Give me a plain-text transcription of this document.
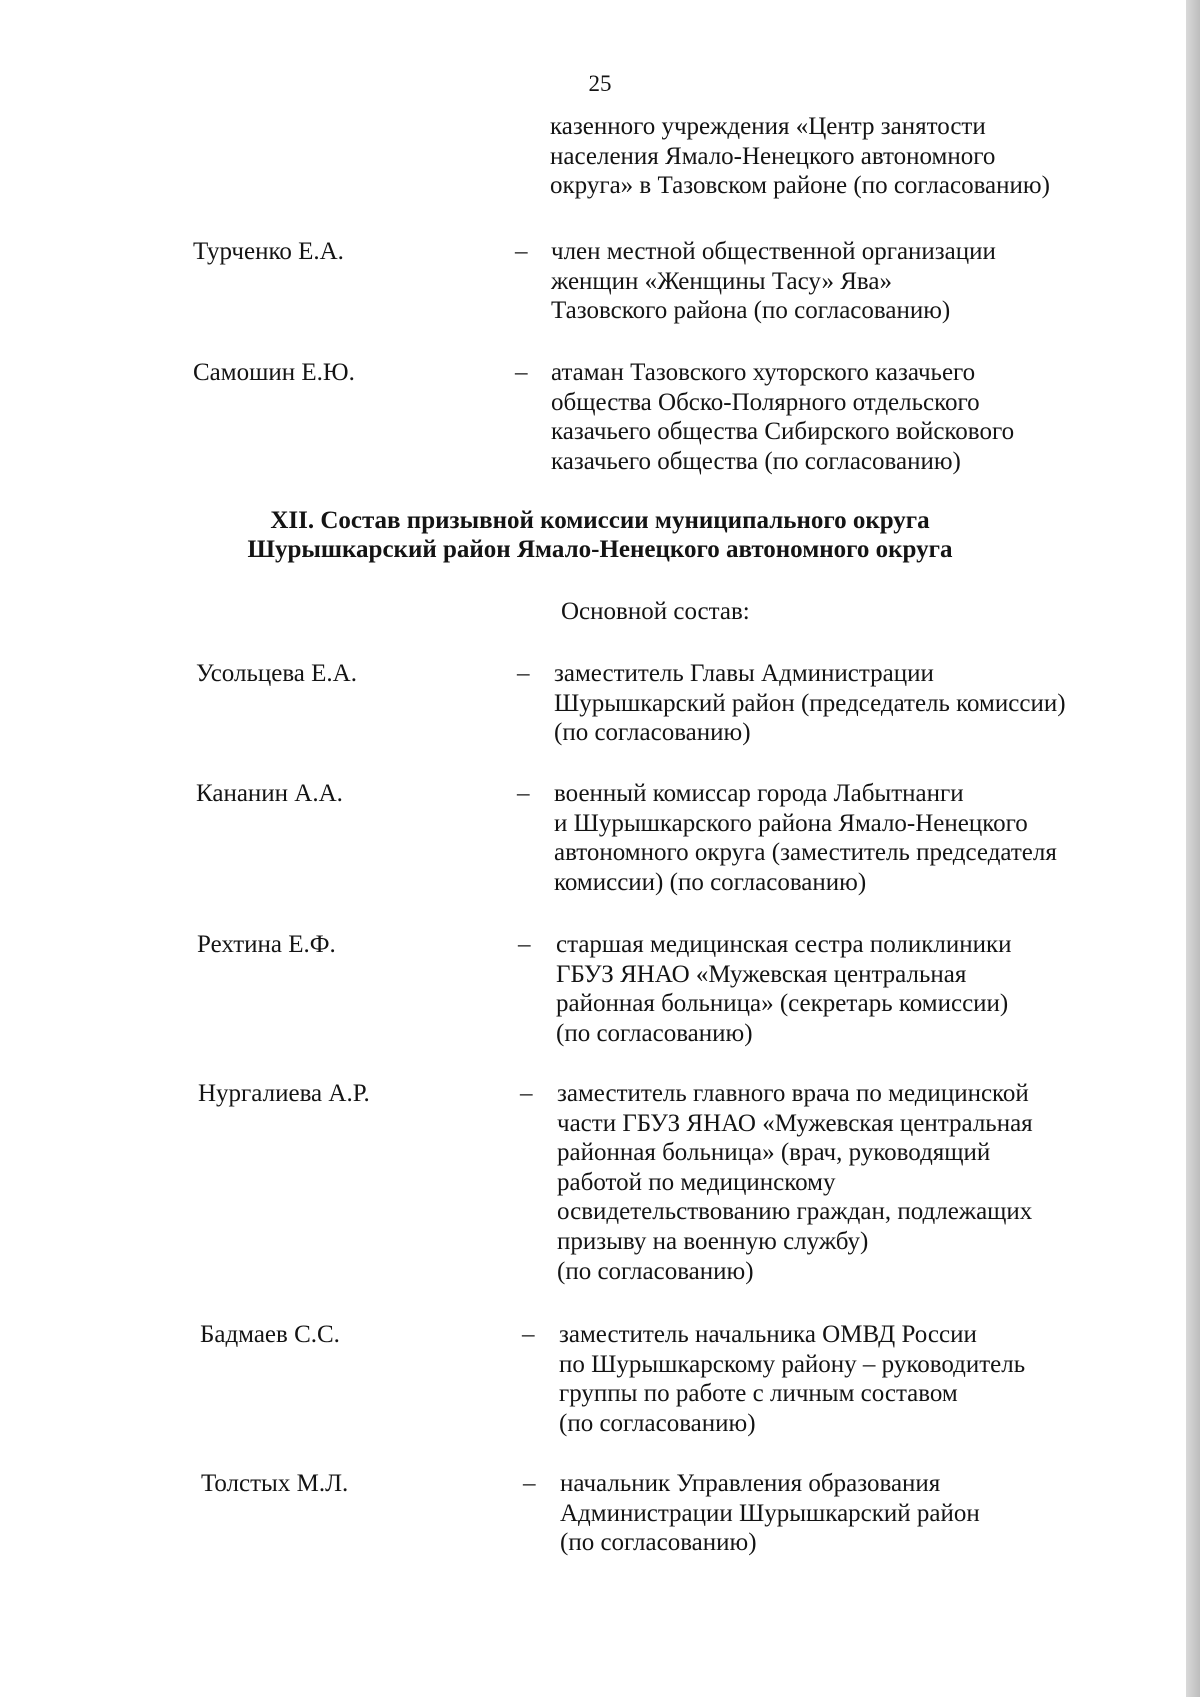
25
казенного учреждения «Центр занятости
населения Ямало-Ненецкого автономного
округа» в Тазовском районе (по согласованию)
Турченко Е.А.	– член местной общественной организации
женщин «Женщины Тасу» Ява»
Тазовского района (по согласованию)
Самошин Е.Ю.	– атаман Тазовского хуторского казачьего
общества Обско-Полярного отдельского
казачьего общества Сибирского войскового
казачьего общества (по согласованию)
XII. Состав призывной комиссии муниципального округа
Шурышкарский район Ямало-Ненецкого автономного округа
Основной состав:
Усольцева Е.А.	– заместитель Главы Администрации
Шурышкарский район (председатель комиссии)
(по согласованию)
Кананин А.А.	– военный комиссар города Лабытнанги
и Шурышкарского района Ямало-Ненецкого
автономного округа (заместитель председателя
комиссии) (по согласованию)
Рехтина Е.Ф.	– старшая медицинская сестра поликлиники
ГБУЗ ЯНАО «Мужевская центральная
районная больница» (секретарь комиссии)
(по согласованию)
Нургалиева А.Р.	– заместитель главного врача по медицинской
части ГБУЗ ЯНАО «Мужевская центральная
районная больница» (врач, руководящий
работой по медицинскому
освидетельствованию граждан, подлежащих
призыву на военную службу)
(по согласованию)
Бадмаев С.С.	– заместитель начальника ОМВД России
по Шурышкарскому району – руководитель
группы по работе с личным составом
(по согласованию)
Толстых М.Л.	– начальник Управления образования
Администрации Шурышкарский район
(по согласованию)
